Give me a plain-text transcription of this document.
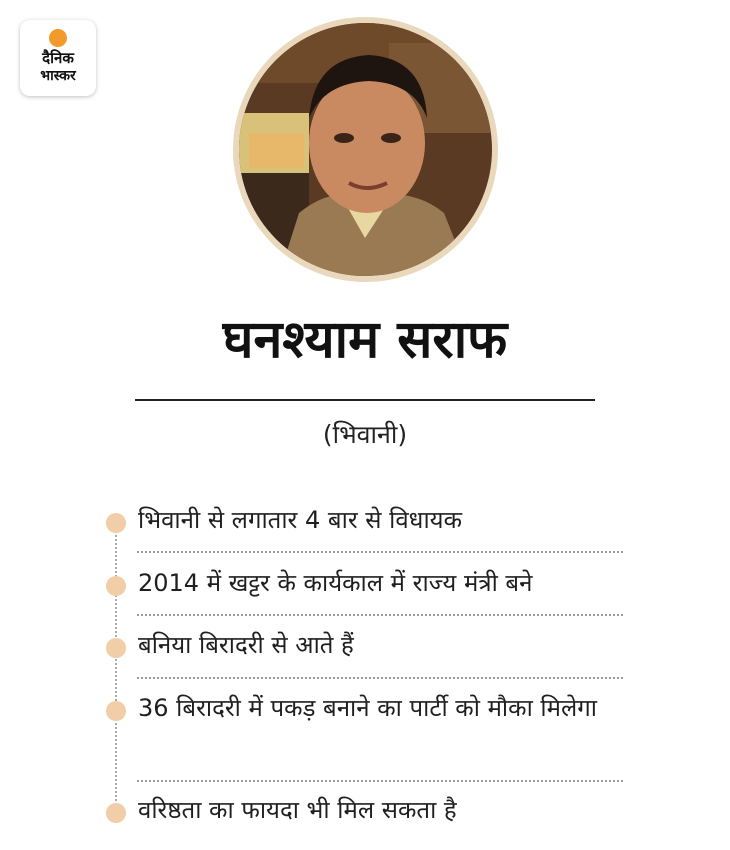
दैनिक
भास्कर
घनश्याम सराफ
(भिवानी)
भिवानी से लगातार 4 बार से विधायक
2014 में खट्टर के कार्यकाल में राज्य मंत्री बने
बनिया बिरादरी से आते हैं
36 बिरादरी में पकड़ बनाने का पार्टी को मौका मिलेगा
वरिष्ठता का फायदा भी मिल सकता है
